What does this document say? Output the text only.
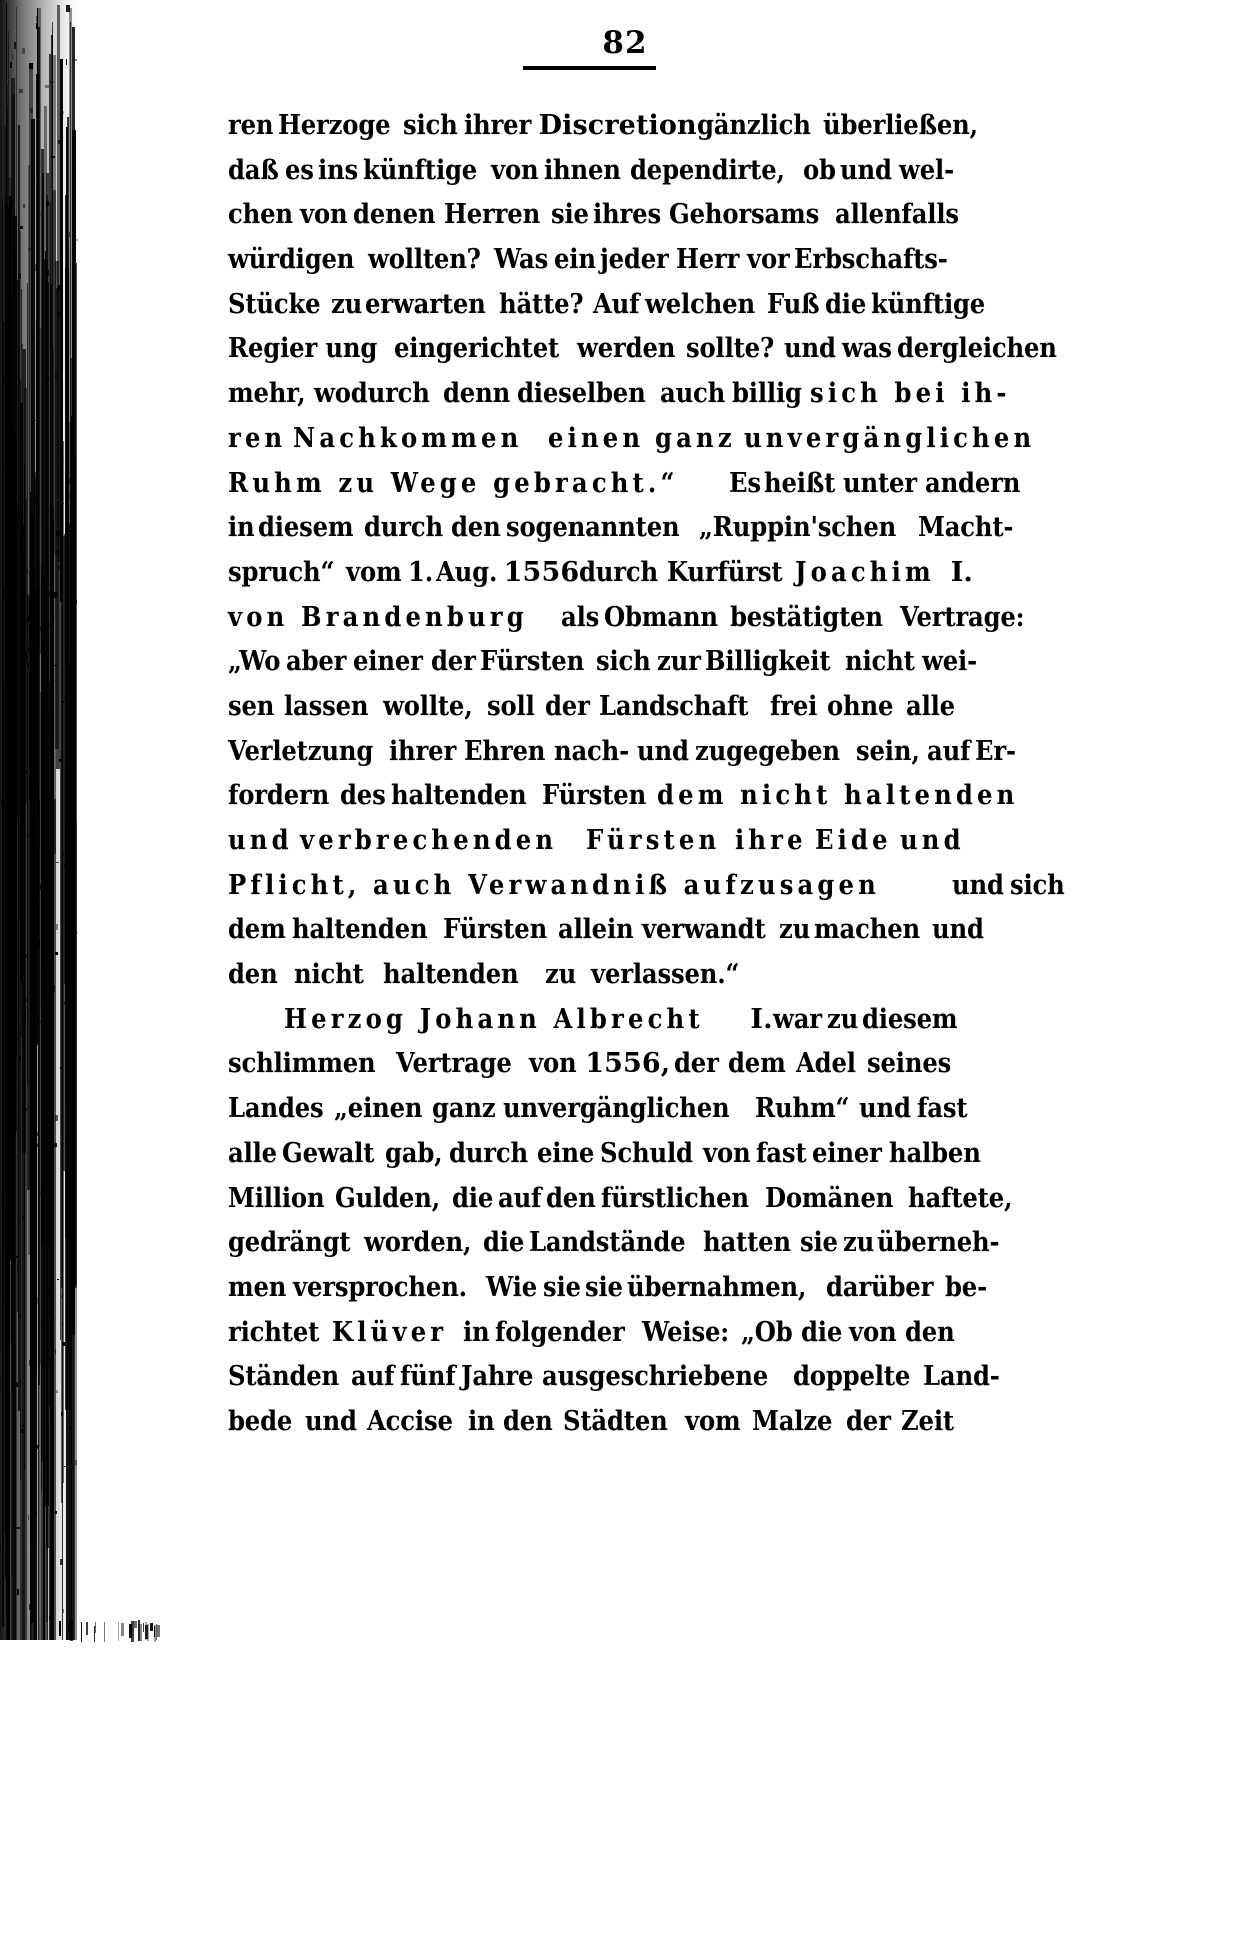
82
ren Herzoge sich ihrer Discretion gänzlich überließen,
daß es ins künftige von ihnen dependirte, ob und wel‐
chen von denen Herren sie ihres Gehorsams allenfalls
würdigen wollten? Was ein jeder Herr vor Erbschafts‐
Stücke zu erwarten hätte? Auf welchen Fuß die künftige
Regier ung eingerichtet werden sollte? und was dergleichen
mehr, wodurch denn dieselben auch billig sich bei ih‐
ren Nachkommen einen ganz unvergänglichen
Ruhm zu Wege gebracht.“ Es heißt unter andern
in diesem durch den sogenannten „Ruppin'schen Macht‐
spruch“ vom 1. Aug. 1556 durch Kurfürst Joachim I.
von Brandenburg als Obmann bestätigten Vertrage:
„Wo aber einer der Fürsten sich zur Billigkeit nicht wei‐
sen lassen wollte, soll der Landschaft frei ohne alle
Verletzung ihrer Ehren nach‐ und zugegeben sein, auf Er‐
fordern des haltenden Fürsten dem nicht haltenden
und verbrechenden Fürsten ihre Eide und
Pflicht, auch Verwandniß aufzusagen	und sich
dem haltenden Fürsten allein verwandt zu machen und
den nicht haltenden zu verlassen.“
Herzog Johann Albrecht I. war zu diesem
schlimmen Vertrage von 1556, der dem Adel seines
Landes „einen ganz unvergänglichen Ruhm“ und fast
alle Gewalt gab, durch eine Schuld von fast einer halben
Million Gulden, die auf den fürstlichen Domänen haftete,
gedrängt worden, die Landstände hatten sie zu überneh‐
men versprochen. Wie sie sie übernahmen, darüber be‐
richtet Klüver in folgender Weise: „Ob die von den
Ständen auf fünf Jahre ausgeschriebene doppelte Land‐
bede und Accise in den Städten vom Malze der Zeit
